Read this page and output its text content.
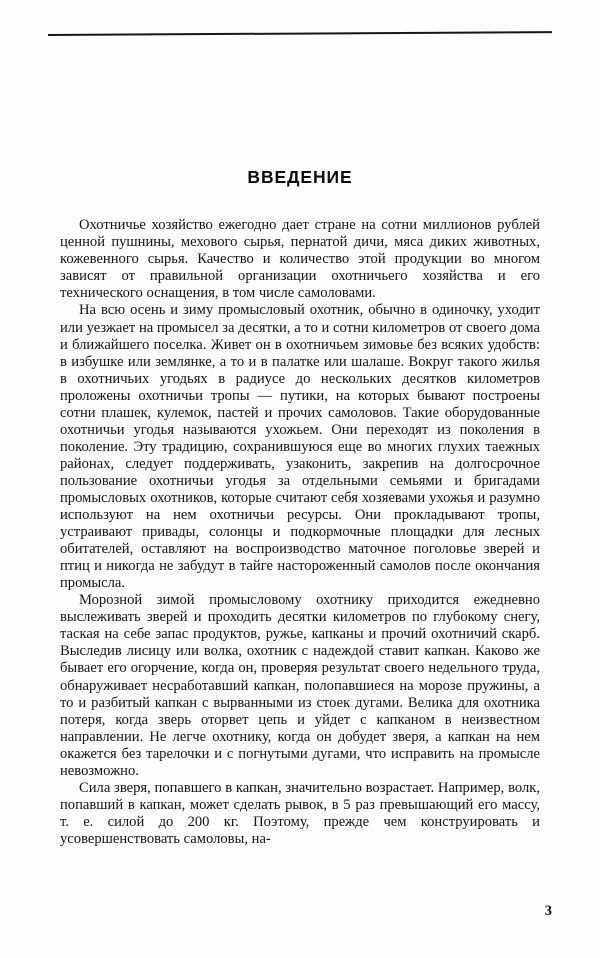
ВВЕДЕНИЕ

Охотничье хозяйство ежегодно дает стране на сотни миллионов рублей ценной пушнины, мехового сырья, пернатой дичи, мяса диких животных, кожевенного сырья. Качество и количество этой продукции во многом зависят от правильной организации охотничьего хозяйства и его технического оснащения, в том числе самоловами.

На всю осень и зиму промысловый охотник, обычно в одиночку, уходит или уезжает на промысел за десятки, а то и сотни километров от своего дома и ближайшего поселка. Живет он в охотничьем зимовье без всяких удобств: в избушке или землянке, а то и в палатке или шалаше. Вокруг такого жилья в охотничьих угодьях в радиусе до нескольких десятков километров проложены охотничьи тропы — путики, на которых бывают построены сотни плашек, кулемок, пастей и прочих самоловов. Такие оборудованные охотничьи угодья называются ухожьем. Они переходят из поколения в поколение. Эту традицию, сохранившуюся еще во многих глухих таежных районах, следует поддерживать, узаконить, закрепив на долгосрочное пользование охотничьи угодья за отдельными семьями и бригадами промысловых охотников, которые считают себя хозяевами ухожья и разумно используют на нем охотничьи ресурсы. Они прокладывают тропы, устраивают привады, солонцы и подкормочные площадки для лесных обитателей, оставляют на воспроизводство маточное поголовье зверей и птиц и никогда не забудут в тайге настороженный самолов после окончания промысла.

Морозной зимой промысловому охотнику приходится ежедневно выслеживать зверей и проходить десятки километров по глубокому снегу, таская на себе запас продуктов, ружье, капканы и прочий охотничий скарб. Выследив лисицу или волка, охотник с надеждой ставит капкан. Каково же бывает его огорчение, когда он, проверяя результат своего недельного труда, обнаруживает несработавший капкан, полопавшиеся на морозе пружины, а то и разбитый капкан с вырванными из стоек дугами. Велика для охотника потеря, когда зверь оторвет цепь и уйдет с капканом в неизвестном направлении. Не легче охотнику, когда он добудет зверя, а капкан на нем окажется без тарелочки и с погнутыми дугами, что исправить на промысле невозможно.

Сила зверя, попавшего в капкан, значительно возрастает. Например, волк, попавший в капкан, может сделать рывок, в 5 раз превышающий его массу, т. е. силой до 200 кг. Поэтому, прежде чем конструировать и усовершенствовать самоловы, на-

3
